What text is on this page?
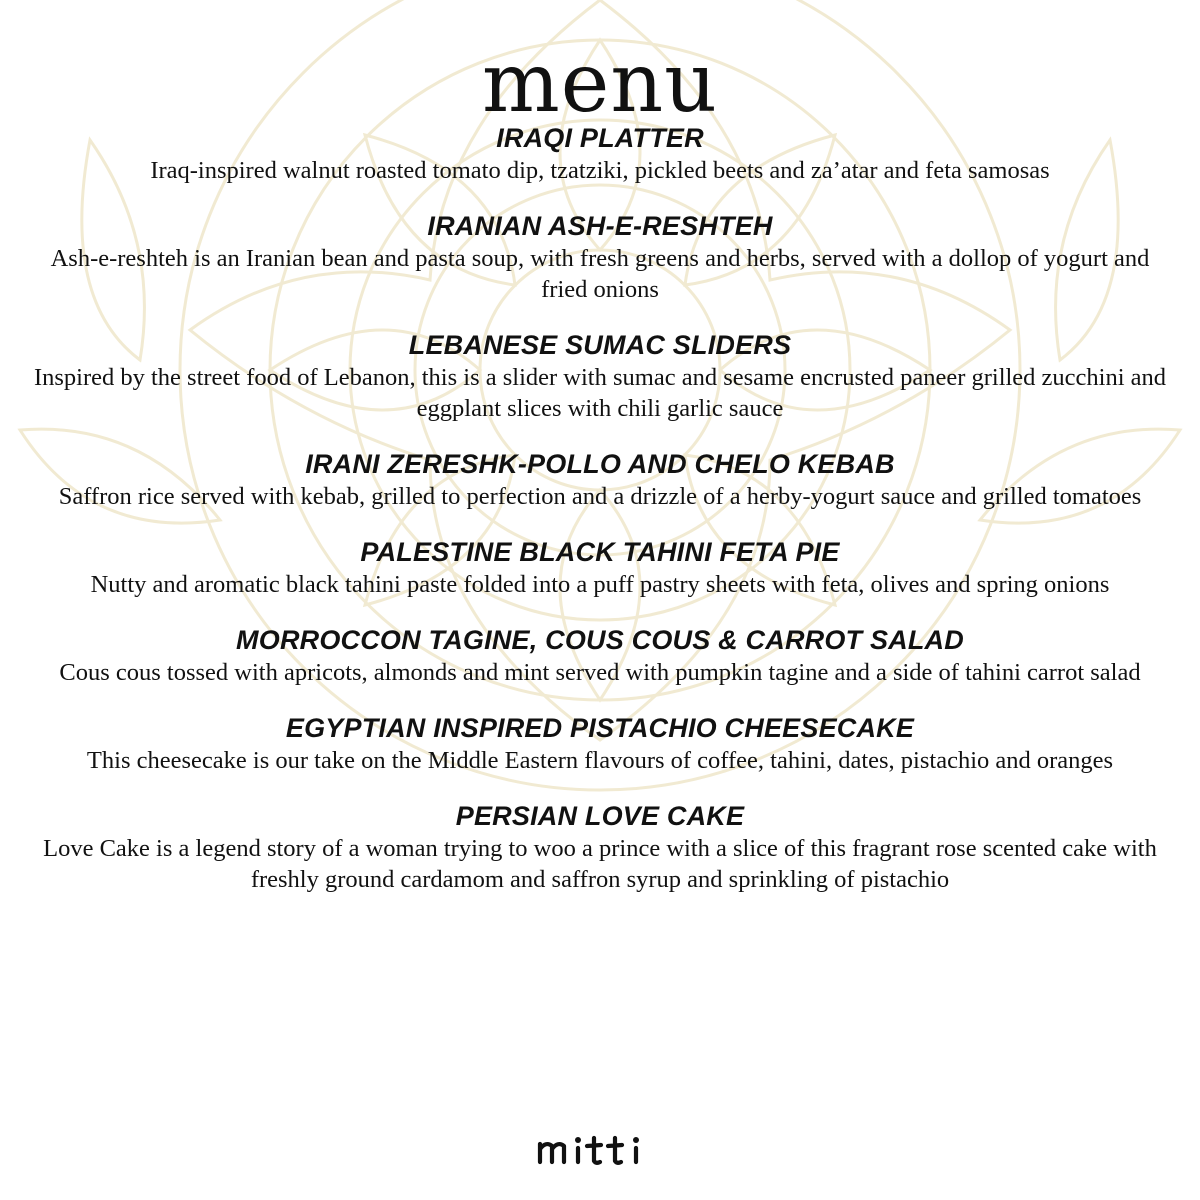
menu
IRAQI PLATTER
Iraq-inspired walnut roasted tomato dip, tzatziki, pickled beets and za’atar and feta samosas
IRANIAN ASH-E-RESHTEH
Ash-e-reshteh is an Iranian bean and pasta soup, with fresh greens and herbs, served with a dollop of yogurt and fried onions
LEBANESE SUMAC SLIDERS
Inspired by the street food of Lebanon, this is a slider with sumac and sesame encrusted paneer grilled zucchini and eggplant slices with chili garlic sauce
IRANI ZERESHK-POLLO AND CHELO KEBAB
Saffron rice served with kebab, grilled to perfection and a drizzle of a herby-yogurt sauce and grilled tomatoes
PALESTINE BLACK TAHINI FETA PIE
Nutty and aromatic black tahini paste folded into a puff pastry sheets with feta, olives and spring onions
MORROCCON TAGINE, COUS COUS & CARROT SALAD
Cous cous tossed with apricots, almonds and mint served with pumpkin tagine and a side of tahini carrot salad
EGYPTIAN INSPIRED PISTACHIO CHEESECAKE
This cheesecake is our take on the Middle Eastern flavours of coffee, tahini, dates, pistachio and oranges
PERSIAN LOVE CAKE
Love Cake is a legend story of a woman trying to woo a prince with a slice of this fragrant rose scented cake with freshly ground cardamom and saffron syrup and sprinkling of pistachio
